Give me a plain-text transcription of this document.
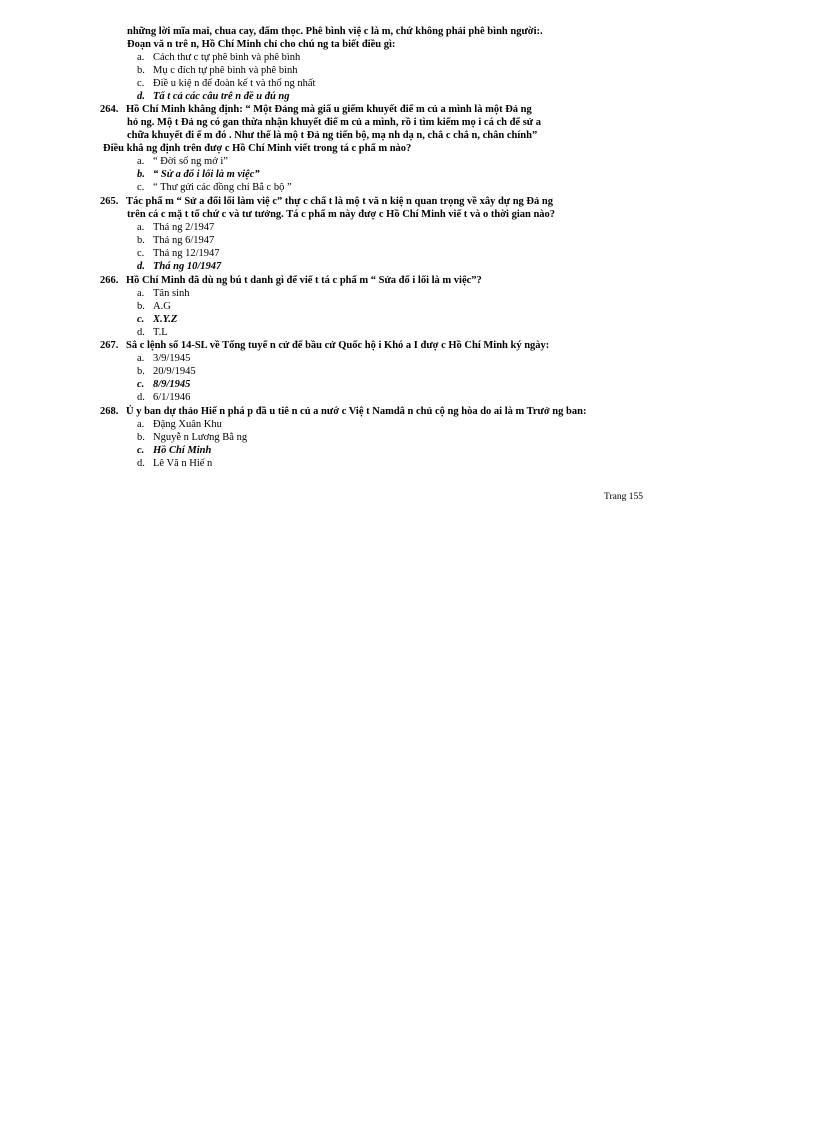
những lời mĩa mai, chua cay, đấm thọc. Phê bình việ c là m, chứ không phải phê bình người:.
Đoạn vă n trê n, Hồ Chí Minh chỉ cho chú ng ta biết điều gì:
a. Cách thư c tự phê bình và phê bình
b. Mụ c đích tự phê bình và phê bình
c. Điề u kiệ n để đoàn kế t và thố ng nhất
d. Tấ t cả các câu trê n đề u đú ng
264. Hồ Chí Minh khẳng định: “ Một Đảng mà giấ u giếm khuyết điể m củ a mình là một Đả ng
hỏ ng. Mộ t Đả ng có gan thừa nhận khuyết điể m củ a mình, rồ i tìm kiếm mọ i cá ch để sử a
chữa khuyết đi ể m đó . Như thế là mộ t Đả ng tiến bộ, mạ nh dạ n, chắ c chắ n, chân chính”
Điều khẳ ng định trên đượ c Hồ Chí Minh viết trong tá c phẩ m nào?
a. “ Đời số ng mớ i”
b. “ Sử a đổ i lối là m việc”
c. “ Thư gửi các đồng chí Bắ c bộ ”
265. Tác phẩ m “ Sử a đổi lối làm việ c” thự c chấ t là mộ t vă n kiệ n quan trọng về xây dự ng Đả ng
trên cá c mặ t tổ chứ c và tư tưởng. Tá c phẩ m này đượ c Hồ Chí Minh viế t và o thời gian nào?
a. Thá ng 2/1947
b. Thá ng 6/1947
c. Thá ng 12/1947
d. Thá ng 10/1947
266. Hồ Chí Minh đã dù ng bú t danh gì để viế t tá c phẩ m “ Sửa đổ i lối là m việc”?
a. Tân sinh
b. A.G
c. X.Y.Z
d. T.L
267. Sắ c lệnh số 14-SL về Tổng tuyể n cử để bầu cử Quốc hộ i Khó a I đượ c Hồ Chí Minh ký ngày:
a. 3/9/1945
b. 20/9/1945
c. 8/9/1945
d. 6/1/1946
268. Ủ y ban dự thảo Hiế n phá p đầ u tiê n củ a nướ c Việ t Namdâ n chủ cộ ng hòa do ai là m Trưở ng ban:
a. Đặng Xuân Khu
b. Nguyễ n Lương Bằ ng
c. Hồ Chí Minh
d. Lê Vă n Hiế n
Trang 155
